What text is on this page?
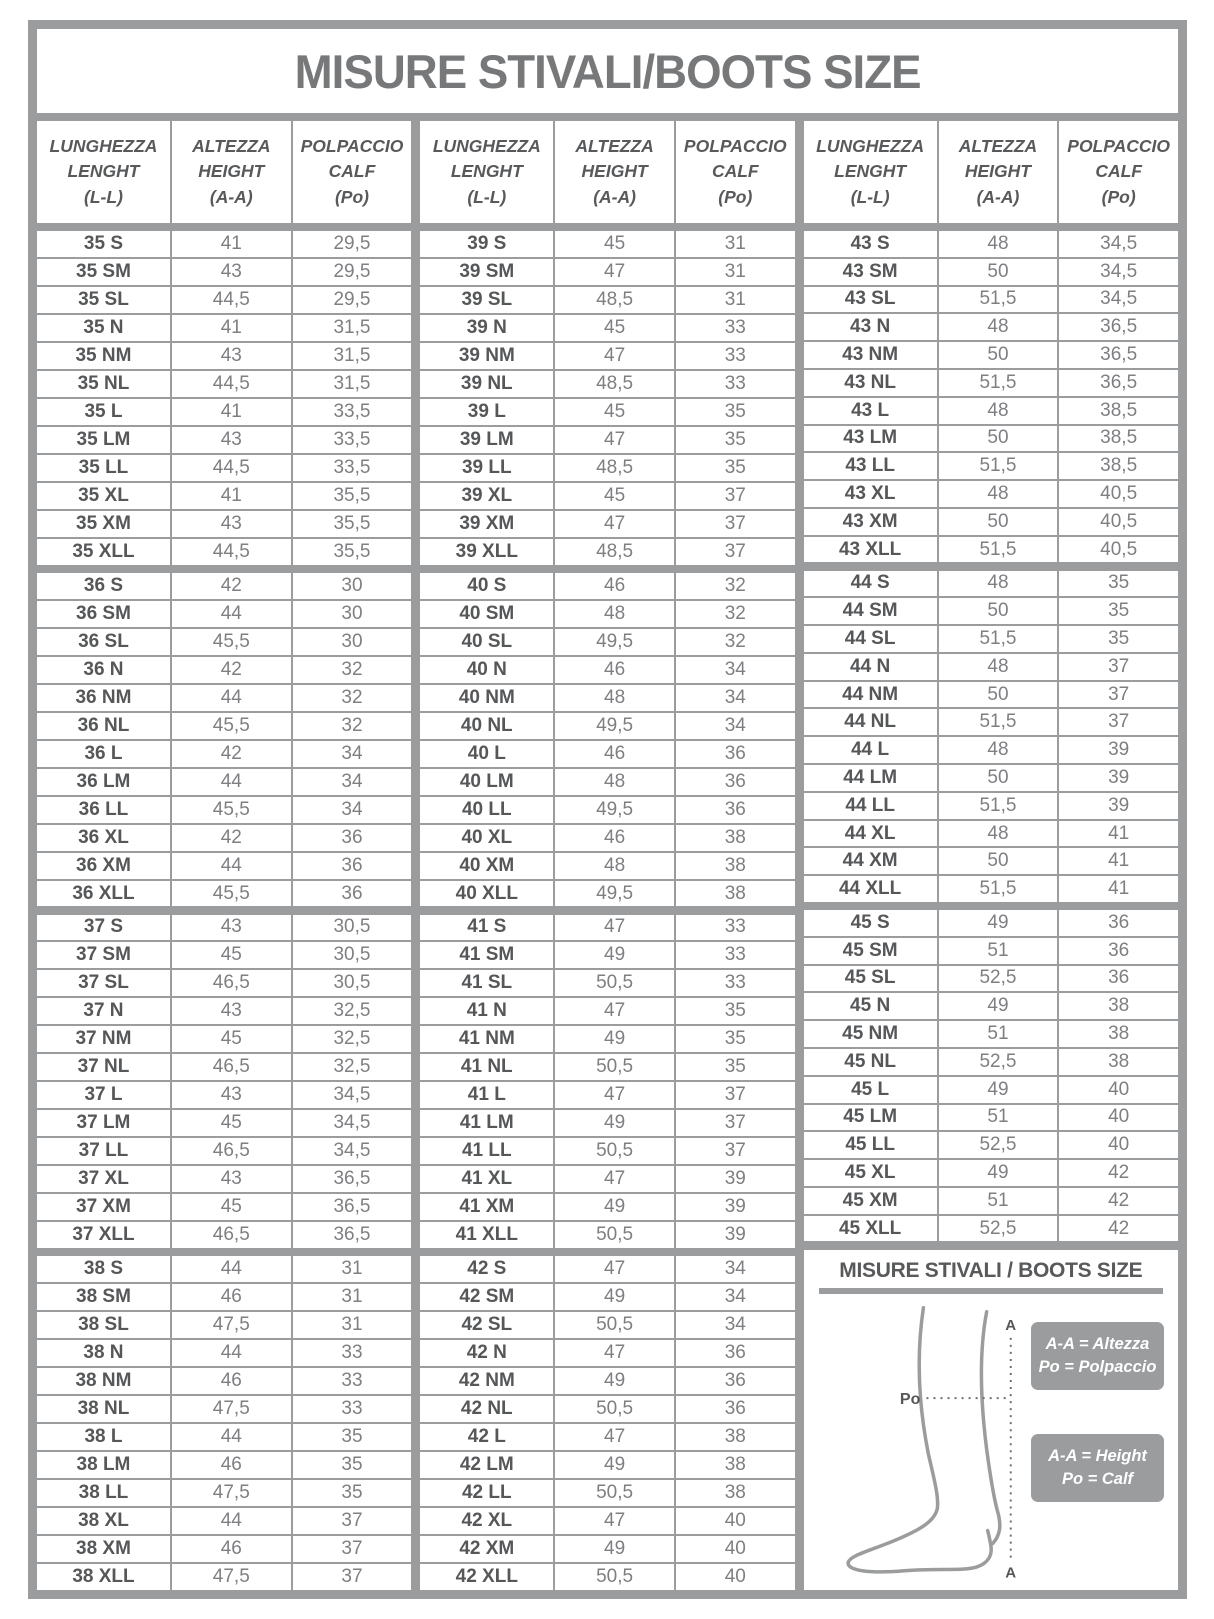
MISURE STIVALI/BOOTS SIZE
LUNGHEZZA
LENGHT
(L-L)
ALTEZZA
HEIGHT
(A-A)
POLPACCIO
CALF
(Po)
35 S	41	29,5
35 SM	43	29,5
35 SL	44,5	29,5
35 N	41	31,5
35 NM	43	31,5
35 NL	44,5	31,5
35 L	41	33,5
35 LM	43	33,5
35 LL	44,5	33,5
35 XL	41	35,5
35 XM	43	35,5
35 XLL	44,5	35,5
36 S	42	30
36 SM	44	30
36 SL	45,5	30
36 N	42	32
36 NM	44	32
36 NL	45,5	32
36 L	42	34
36 LM	44	34
36 LL	45,5	34
36 XL	42	36
36 XM	44	36
36 XLL	45,5	36
37 S	43	30,5
37 SM	45	30,5
37 SL	46,5	30,5
37 N	43	32,5
37 NM	45	32,5
37 NL	46,5	32,5
37 L	43	34,5
37 LM	45	34,5
37 LL	46,5	34,5
37 XL	43	36,5
37 XM	45	36,5
37 XLL	46,5	36,5
38 S	44	31
38 SM	46	31
38 SL	47,5	31
38 N	44	33
38 NM	46	33
38 NL	47,5	33
38 L	44	35
38 LM	46	35
38 LL	47,5	35
38 XL	44	37
38 XM	46	37
38 XLL	47,5	37
LUNGHEZZA
LENGHT
(L-L)
ALTEZZA
HEIGHT
(A-A)
POLPACCIO
CALF
(Po)
39 S	45	31
39 SM	47	31
39 SL	48,5	31
39 N	45	33
39 NM	47	33
39 NL	48,5	33
39 L	45	35
39 LM	47	35
39 LL	48,5	35
39 XL	45	37
39 XM	47	37
39 XLL	48,5	37
40 S	46	32
40 SM	48	32
40 SL	49,5	32
40 N	46	34
40 NM	48	34
40 NL	49,5	34
40 L	46	36
40 LM	48	36
40 LL	49,5	36
40 XL	46	38
40 XM	48	38
40 XLL	49,5	38
41 S	47	33
41 SM	49	33
41 SL	50,5	33
41 N	47	35
41 NM	49	35
41 NL	50,5	35
41 L	47	37
41 LM	49	37
41 LL	50,5	37
41 XL	47	39
41 XM	49	39
41 XLL	50,5	39
42 S	47	34
42 SM	49	34
42 SL	50,5	34
42 N	47	36
42 NM	49	36
42 NL	50,5	36
42 L	47	38
42 LM	49	38
42 LL	50,5	38
42 XL	47	40
42 XM	49	40
42 XLL	50,5	40
LUNGHEZZA
LENGHT
(L-L)
ALTEZZA
HEIGHT
(A-A)
POLPACCIO
CALF
(Po)
43 S	48	34,5
43 SM	50	34,5
43 SL	51,5	34,5
43 N	48	36,5
43 NM	50	36,5
43 NL	51,5	36,5
43 L	48	38,5
43 LM	50	38,5
43 LL	51,5	38,5
43 XL	48	40,5
43 XM	50	40,5
43 XLL	51,5	40,5
44 S	48	35
44 SM	50	35
44 SL	51,5	35
44 N	48	37
44 NM	50	37
44 NL	51,5	37
44 L	48	39
44 LM	50	39
44 LL	51,5	39
44 XL	48	41
44 XM	50	41
44 XLL	51,5	41
45 S	49	36
45 SM	51	36
45 SL	52,5	36
45 N	49	38
45 NM	51	38
45 NL	52,5	38
45 L	49	40
45 LM	51	40
45 LL	52,5	40
45 XL	49	42
45 XM	51	42
45 XLL	52,5	42
MISURE STIVALI / BOOTS SIZE
A
A
Po
A-A = Altezza
Po = Polpaccio
A-A = Height
Po = Calf
